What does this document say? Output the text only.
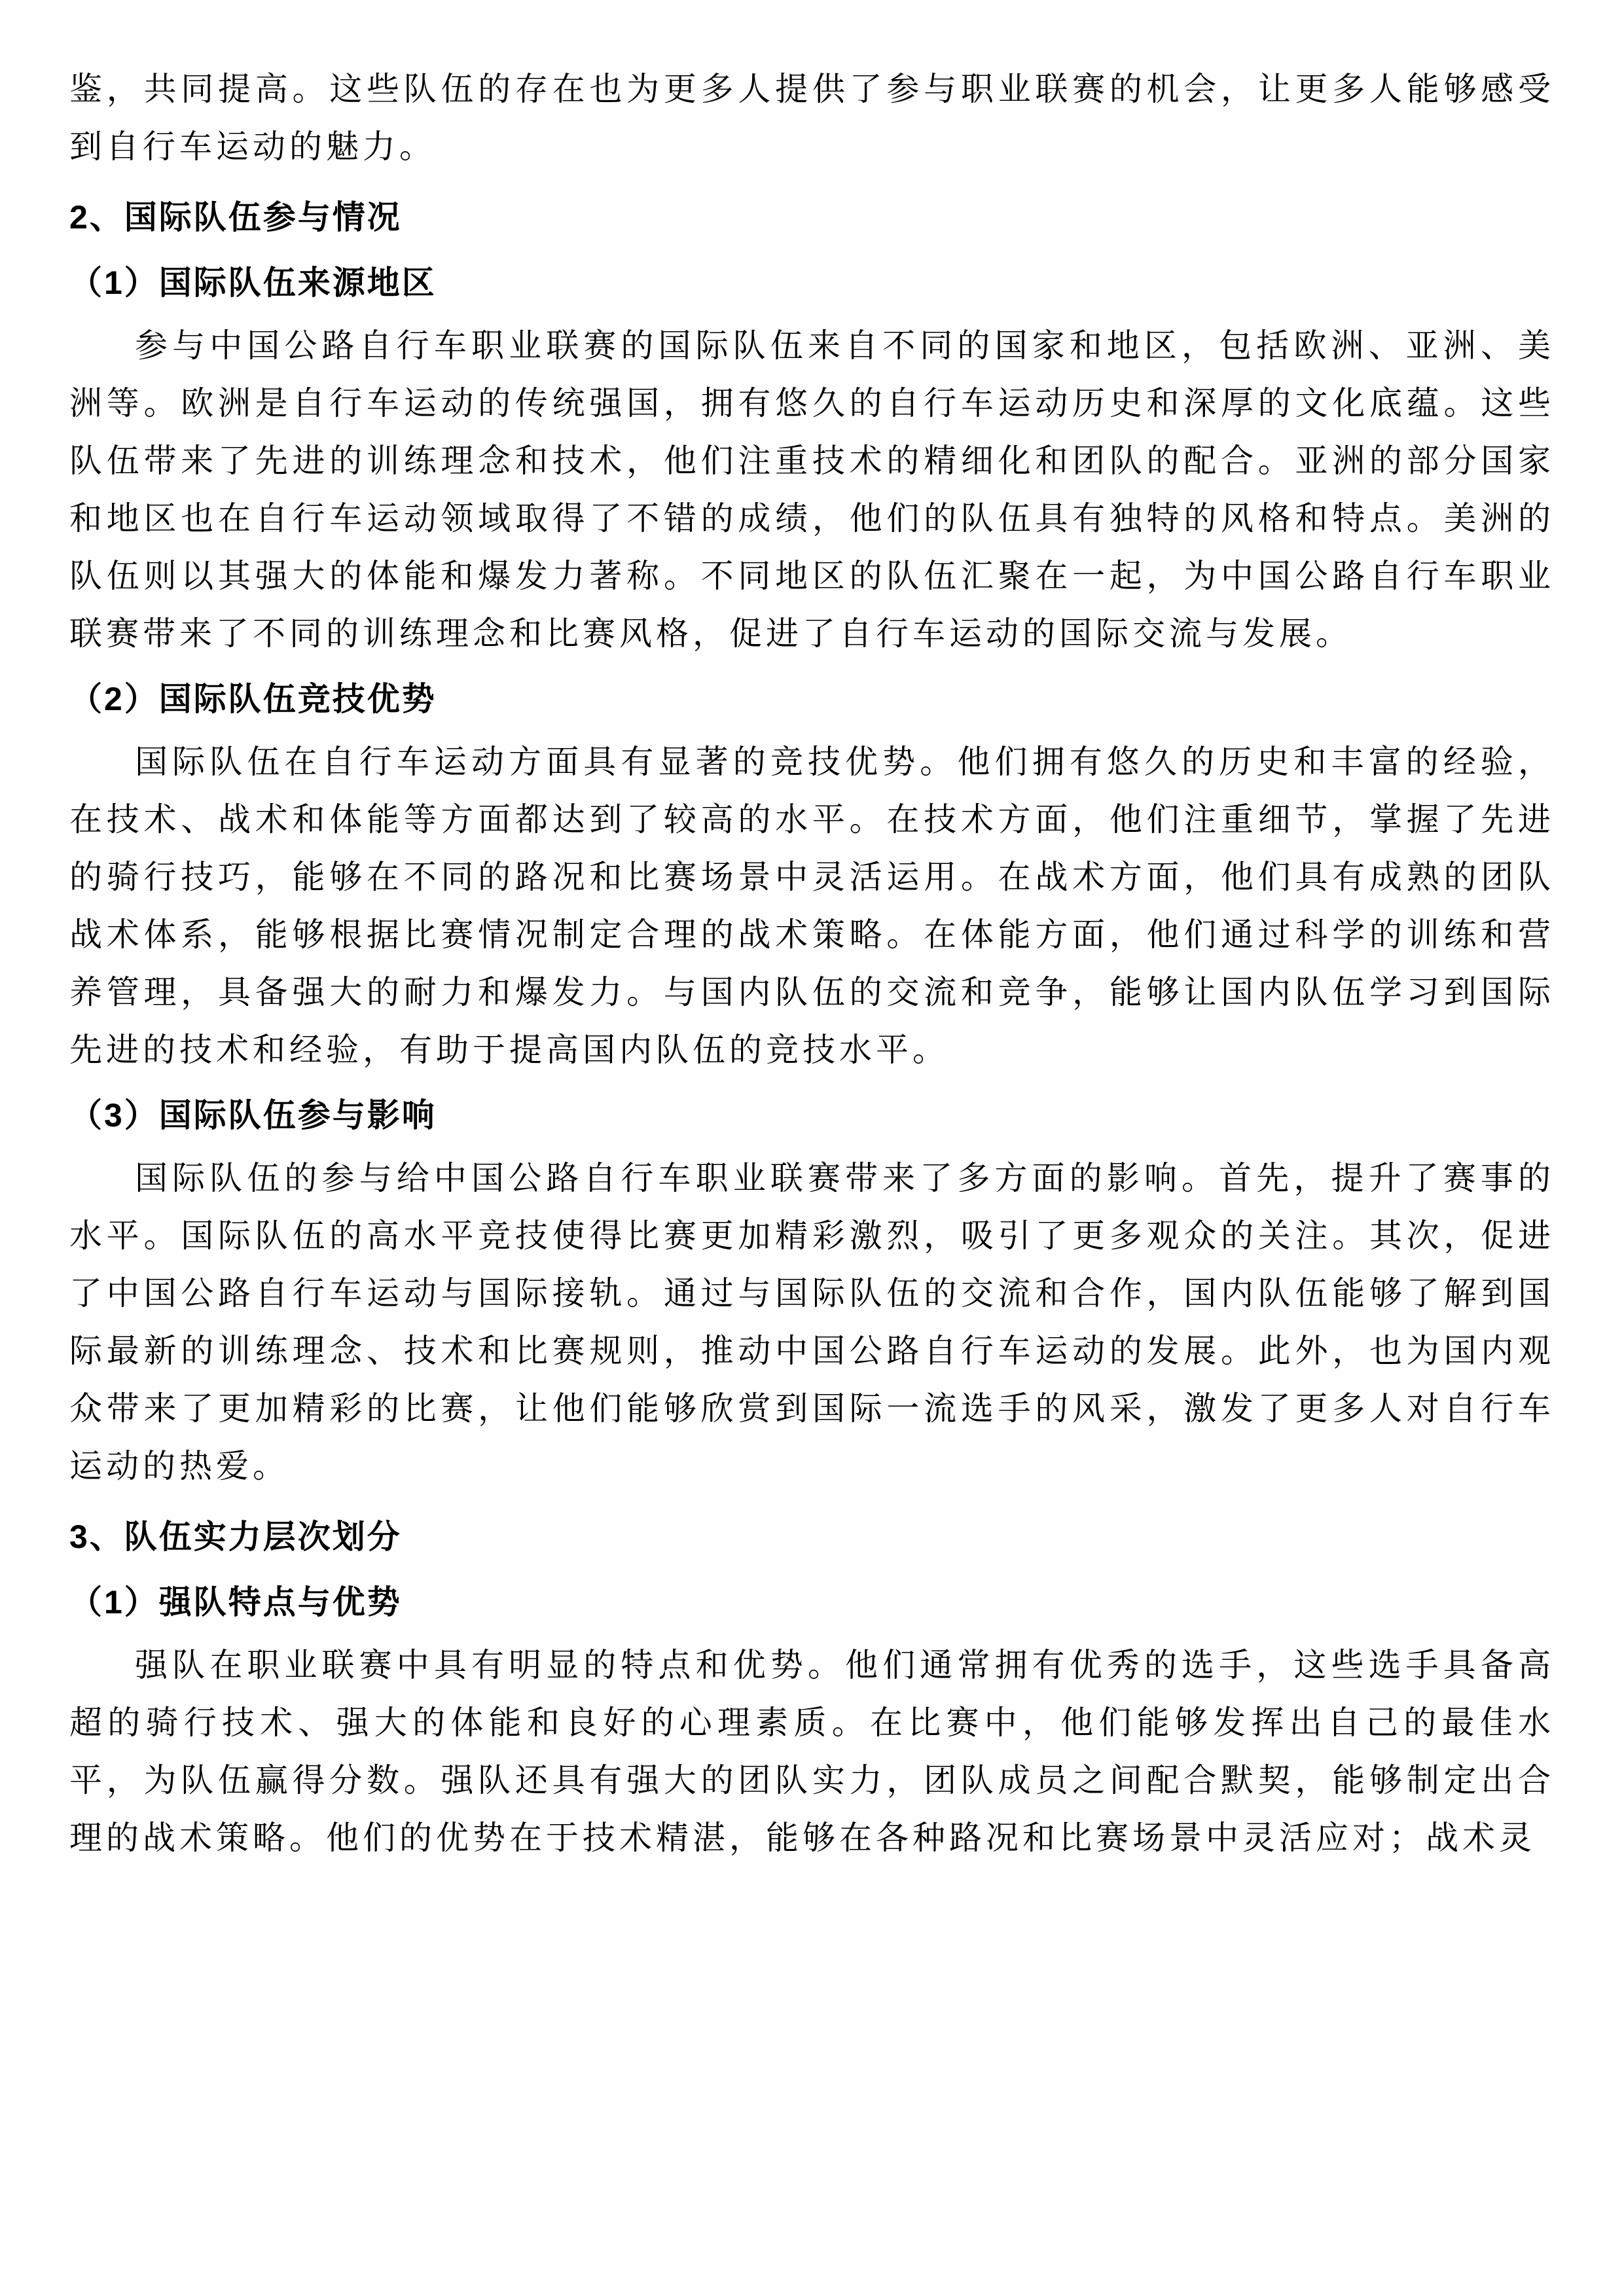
鉴，共同提高。这些队伍的存在也为更多人提供了参与职业联赛的机会，让更多人能够感受到自行车运动的魅力。

2、国际队伍参与情况
（1）国际队伍来源地区

参与中国公路自行车职业联赛的国际队伍来自不同的国家和地区，包括欧洲、亚洲、美洲等。欧洲是自行车运动的传统强国，拥有悠久的自行车运动历史和深厚的文化底蕴。这些队伍带来了先进的训练理念和技术，他们注重技术的精细化和团队的配合。亚洲的部分国家和地区也在自行车运动领域取得了不错的成绩，他们的队伍具有独特的风格和特点。美洲的队伍则以其强大的体能和爆发力著称。不同地区的队伍汇聚在一起，为中国公路自行车职业联赛带来了不同的训练理念和比赛风格，促进了自行车运动的国际交流与发展。

（2）国际队伍竞技优势

国际队伍在自行车运动方面具有显著的竞技优势。他们拥有悠久的历史和丰富的经验，在技术、战术和体能等方面都达到了较高的水平。在技术方面，他们注重细节，掌握了先进的骑行技巧，能够在不同的路况和比赛场景中灵活运用。在战术方面，他们具有成熟的团队战术体系，能够根据比赛情况制定合理的战术策略。在体能方面，他们通过科学的训练和营养管理，具备强大的耐力和爆发力。与国内队伍的交流和竞争，能够让国内队伍学习到国际先进的技术和经验，有助于提高国内队伍的竞技水平。

（3）国际队伍参与影响

国际队伍的参与给中国公路自行车职业联赛带来了多方面的影响。首先，提升了赛事的水平。国际队伍的高水平竞技使得比赛更加精彩激烈，吸引了更多观众的关注。其次，促进了中国公路自行车运动与国际接轨。通过与国际队伍的交流和合作，国内队伍能够了解到国际最新的训练理念、技术和比赛规则，推动中国公路自行车运动的发展。此外，也为国内观众带来了更加精彩的比赛，让他们能够欣赏到国际一流选手的风采，激发了更多人对自行车运动的热爱。

3、队伍实力层次划分
（1）强队特点与优势

强队在职业联赛中具有明显的特点和优势。他们通常拥有优秀的选手，这些选手具备高超的骑行技术、强大的体能和良好的心理素质。在比赛中，他们能够发挥出自己的最佳水平，为队伍赢得分数。强队还具有强大的团队实力，团队成员之间配合默契，能够制定出合理的战术策略。他们的优势在于技术精湛，能够在各种路况和比赛场景中灵活应对；战术灵
